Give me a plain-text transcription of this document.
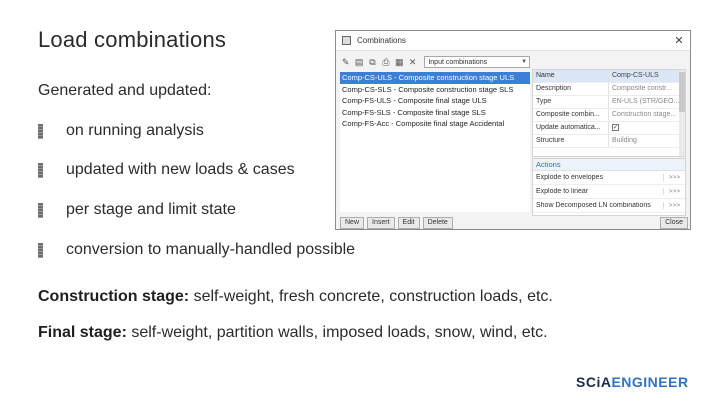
Load combinations
Generated and updated:
on running analysis
updated with new loads & cases
per stage and limit state
conversion to manually-handled possible
Construction stage: self-weight, fresh concrete, construction loads, etc.
Final stage: self-weight, partition walls, imposed loads, snow, wind, etc.
SCiAENGINEER
Combinations	✕
✎ ▤ ⧉ ⎙ ▦ ✕ Input combinations	▼
Comp-CS-ULS - Composite construction stage ULS
Comp-CS-SLS - Composite construction stage SLS
Comp-FS-ULS - Composite final stage ULS
Comp-FS-SLS - Composite final stage SLS
Comp-FS-Acc - Composite final stage Accidental
Name	Comp-CS-ULS
Description	Composite constr...
Type	EN-ULS (STR/GEO...
Composite combin...	Construction stage...
Update automatica...	✓
Structure	Building
Actions
Explode to envelopes	>>>
Explode to linear	>>>
Show Decomposed LN combinations	>>>
New	Insert	Edit	Delete	Close
